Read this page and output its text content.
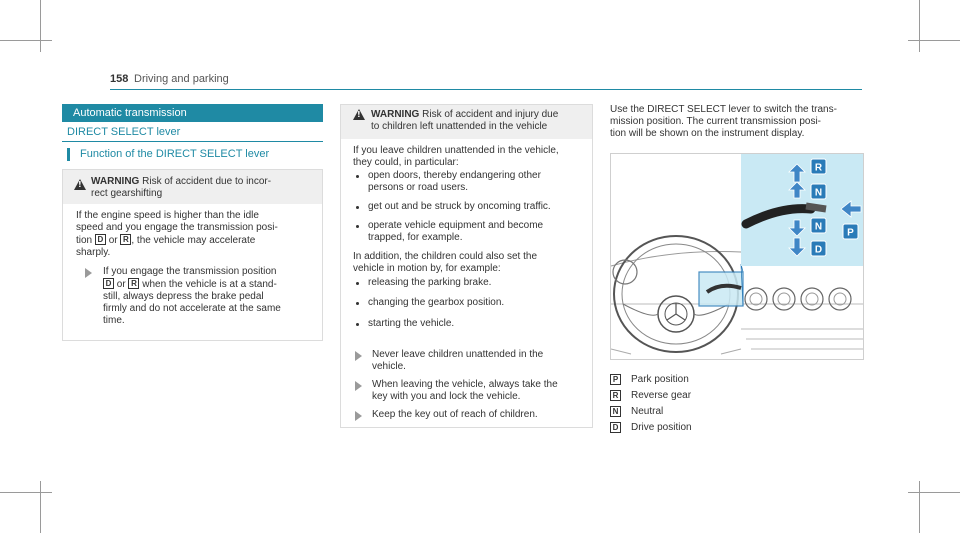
158 Driving and parking
Automatic transmission
DIRECT SELECT lever
Function of the DIRECT SELECT lever
!
WARNING Risk of accident due to incor-
rect gearshifting
If the engine speed is higher than the idle
speed and you engage the transmission posi-
tion D or R , the vehicle may accelerate
sharply.
If you engage the transmission position
D or R when the vehicle is at a stand-
still, always depress the brake pedal
firmly and do not accelerate at the same
time.
!
WARNING Risk of accident and injury due
to children left unattended in the vehicle
If you leave children unattended in the vehicle,
they could, in particular:
open doors, thereby endangering other
persons or road users.
get out and be struck by oncoming traffic.
operate vehicle equipment and become
trapped, for example.
In addition, the children could also set the
vehicle in motion by, for example:
releasing the parking brake.
changing the gearbox position.
starting the vehicle.
Never leave children unattended in the
vehicle.
When leaving the vehicle, always take the
key with you and lock the vehicle.
Keep the key out of reach of children.
Use the DIRECT SELECT lever to switch the trans-
mission position. The current transmission posi-
tion will be shown on the instrument display.
R
N
N
D
P
P Park position
R Reverse gear
N Neutral
D Drive position
